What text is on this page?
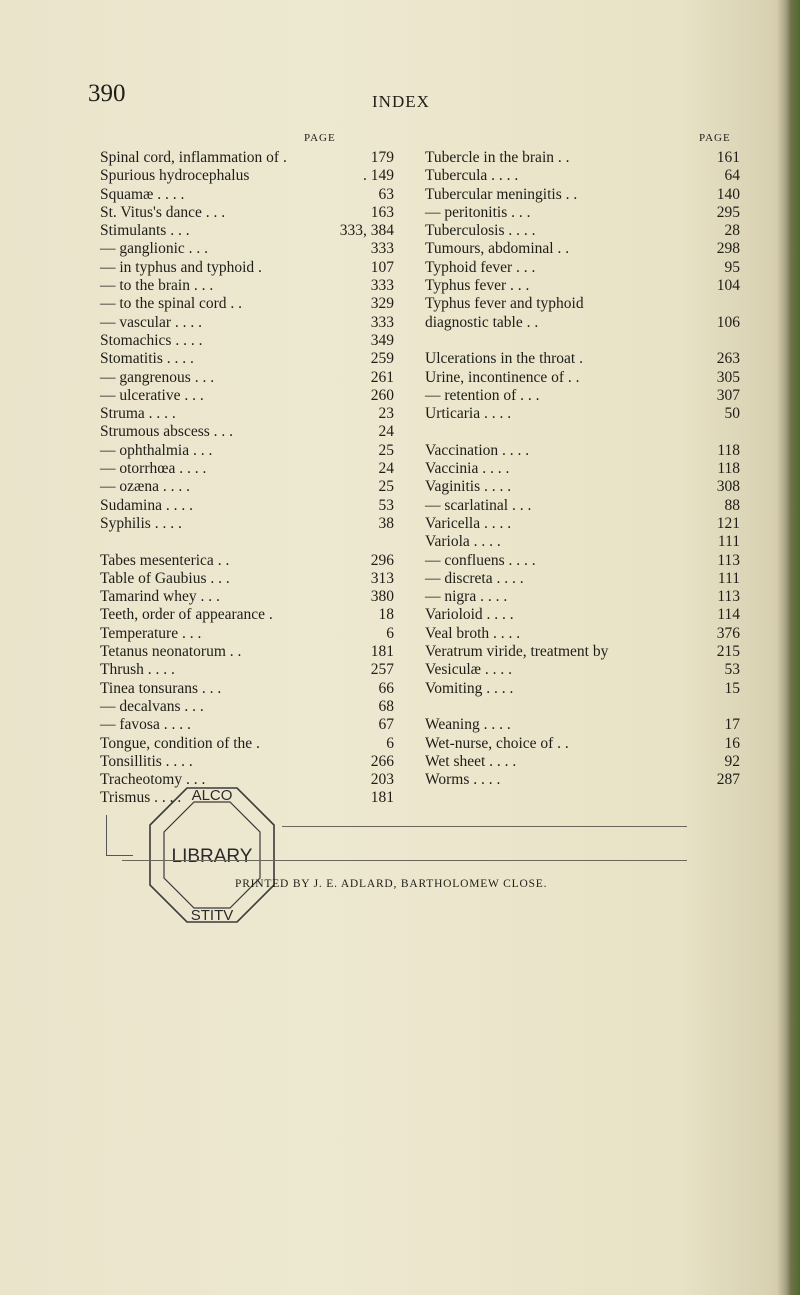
390	INDEX
PAGE
Spinal cord, inflammation of .	179
Spurious hydrocephalus	. 149
Squamæ . . . .	63
St. Vitus's dance . . .	163
Stimulants . . .	333, 384
— ganglionic . . .	333
— in typhus and typhoid .	107
— to the brain . . .	333
— to the spinal cord . .	329
— vascular . . . .	333
Stomachics . . . .	349
Stomatitis . . . .	259
— gangrenous . . .	261
— ulcerative . . .	260
Struma . . . .	23
Strumous abscess . . .	24
— ophthalmia . . .	25
— otorrhœa . . . .	24
— ozæna . . . .	25
Sudamina . . . .	53
Syphilis . . . .	38
Tabes mesenterica . .	296
Table of Gaubius . . .	313
Tamarind whey . . .	380
Teeth, order of appearance .	18
Temperature . . .	6
Tetanus neonatorum . .	181
Thrush . . . .	257
Tinea tonsurans . . .	66
— decalvans . . .	68
— favosa . . . .	67
Tongue, condition of the .	6
Tonsillitis . . . .	266
Tracheotomy . . .	203
Trismus . . . .	181
PAGE
Tubercle in the brain . .	161
Tubercula . . . .	64
Tubercular meningitis . .	140
— peritonitis . . .	295
Tuberculosis . . . .	28
Tumours, abdominal . .	298
Typhoid fever . . .	95
Typhus fever . . .	104
Typhus fever and typhoid
diagnostic table . .	106
Ulcerations in the throat .	263
Urine, incontinence of . .	305
— retention of . . .	307
Urticaria . . . .	50
Vaccination . . . .	118
Vaccinia . . . .	118
Vaginitis . . . .	308
— scarlatinal . . .	88
Varicella . . . .	121
Variola . . . .	111
— confluens . . . .	113
— discreta . . . .	111
— nigra . . . .	113
Varioloid . . . .	114
Veal broth . . . .	376
Veratrum viride, treatment by	215
Vesiculæ . . . .	53
Vomiting . . . .	15
Weaning . . . .	17
Wet-nurse, choice of . .	16
Wet sheet . . . .	92
Worms . . . .	287
ALCO
LIBRARY
STITV
PRINTED BY J. E. ADLARD, BARTHOLOMEW CLOSE.
